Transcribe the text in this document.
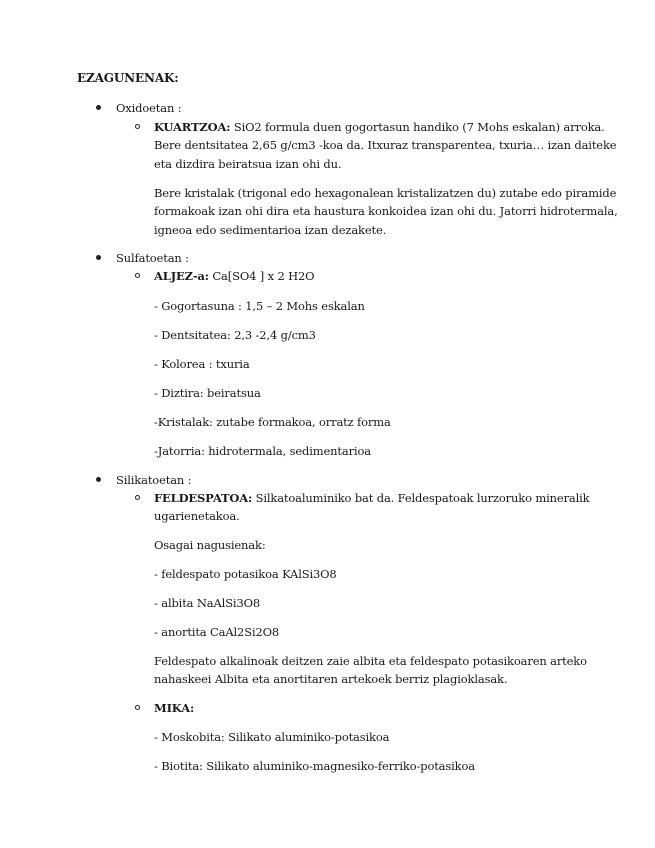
EZAGUNENAK:
Oxidoetan :
KUARTZOA: SiO2 formula duen gogortasun handiko (7 Mohs eskalan) arroka.
Bere dentsitatea 2,65 g/cm3 -koa da. Itxuraz transparentea, txuria… izan daiteke
eta dizdira beiratsua izan ohi du.
Bere kristalak (trigonal edo hexagonalean kristalizatzen du) zutabe edo piramide
formakoak izan ohi dira eta haustura konkoidea izan ohi du. Jatorri hidrotermala,
igneoa edo sedimentarioa izan dezakete.
Sulfatoetan :
ALJEZ-a: Ca[SO4 ] x 2 H2O
- Gogortasuna : 1,5 – 2 Mohs eskalan
- Dentsitatea: 2,3 -2,4 g/cm3
- Kolorea : txuria
- Diztira: beiratsua
-Kristalak: zutabe formakoa, orratz forma
-Jatorria: hidrotermala, sedimentarioa
Silikatoetan :
FELDESPATOA: Silkatoaluminiko bat da. Feldespatoak lurzoruko mineralik
ugarienetakoa.
Osagai nagusienak:
- feldespato potasikoa KAlSi3O8
- albita NaAlSi3O8
- anortita CaAl2Si2O8
Feldespato alkalinoak deitzen zaie albita eta feldespato potasikoaren arteko
nahaskeei Albita eta anortitaren artekoek berriz plagioklasak.
MIKA:
- Moskobita: Silikato aluminiko-potasikoa
- Biotita: Silikato aluminiko-magnesiko-ferriko-potasikoa
